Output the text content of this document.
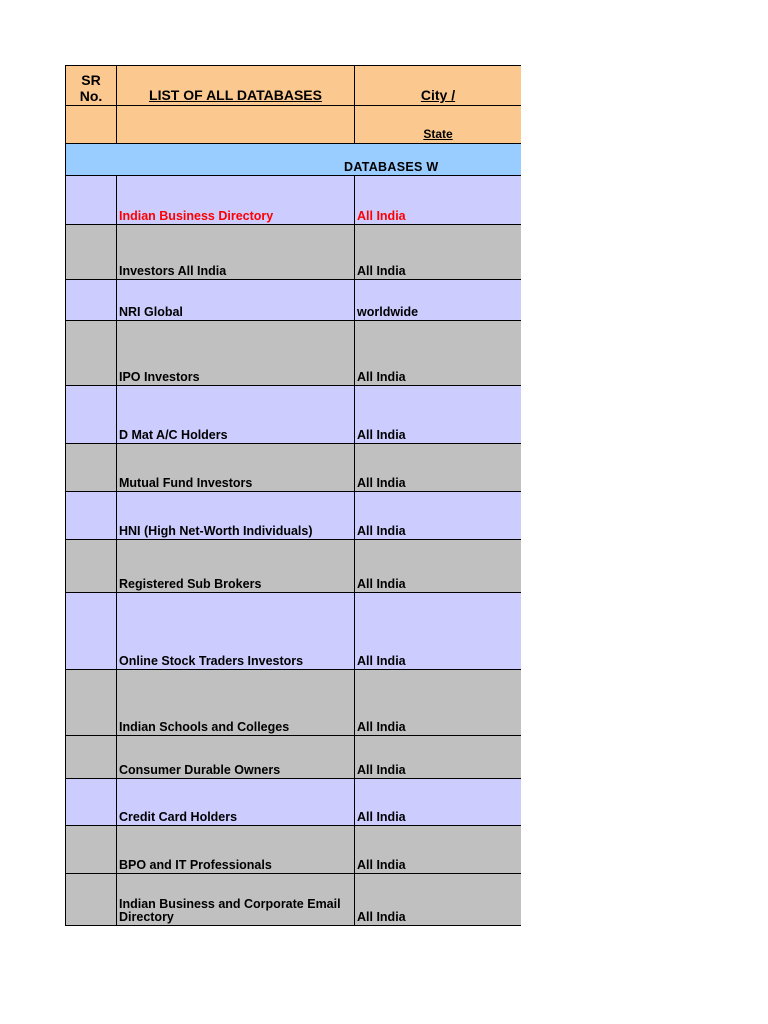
SR
No.	LIST OF ALL DATABASES	City /
		State
DATABASES W		
	Indian Business Directory	All India
	Investors All India	All India
	NRI Global	worldwide
	IPO Investors	All India
	D Mat A/C Holders	All India
	Mutual Fund Investors	All India
	HNI (High Net-Worth Individuals)	All India
	Registered Sub Brokers	All India
	Online Stock Traders Investors	All India
	Indian Schools and Colleges	All India
	Consumer Durable Owners	All India
	Credit Card Holders	All India
	BPO and IT Professionals	All India
	Indian Business and Corporate Email Directory	All India
